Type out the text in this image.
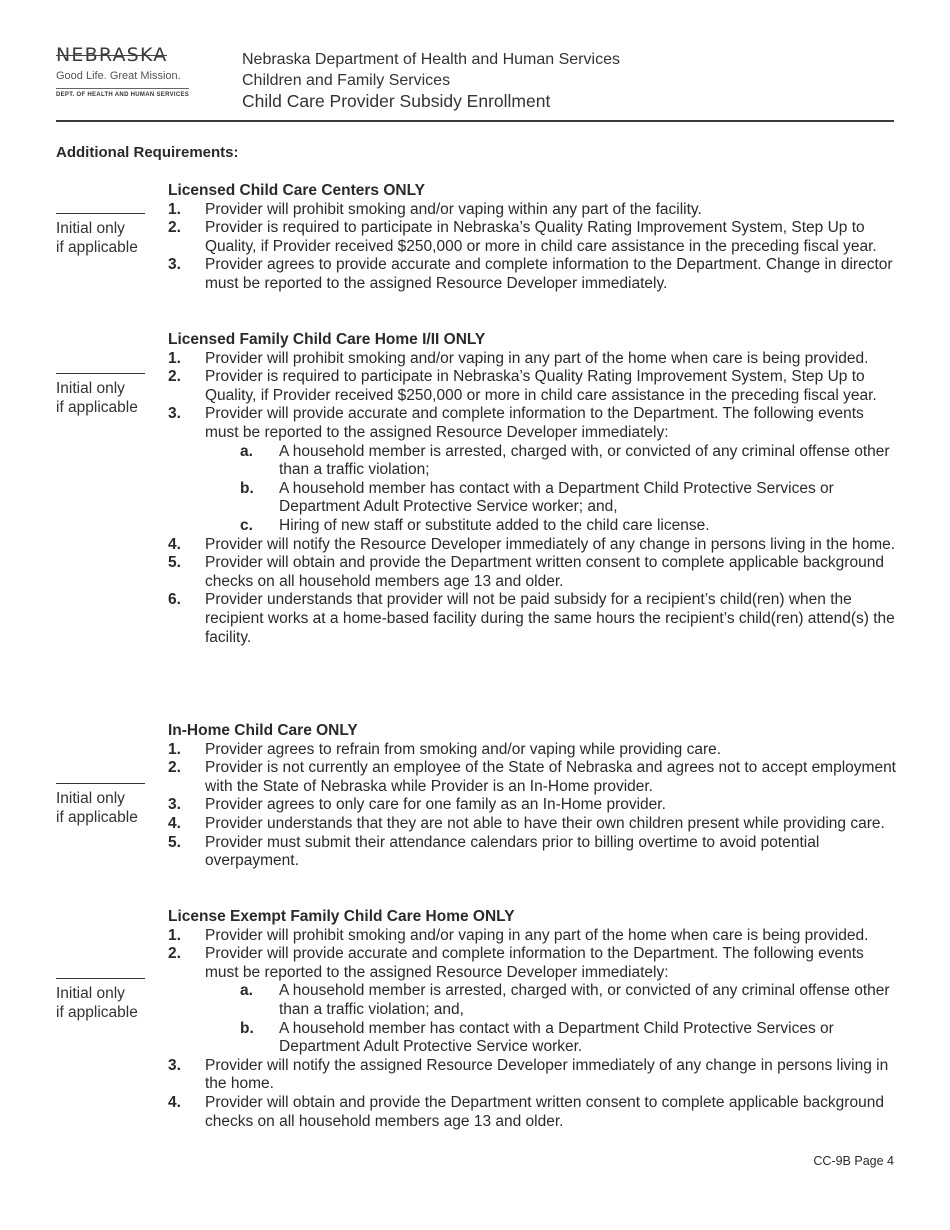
NEBRASKA
Good Life. Great Mission.
DEPT. OF HEALTH AND HUMAN SERVICES
Nebraska Department of Health and Human Services
Children and Family Services
Child Care Provider Subsidy Enrollment
Additional Requirements:
Initial only
if applicable
Initial only
if applicable
Initial only
if applicable
Initial only
if applicable
Licensed Child Care Centers ONLY
1. Provider will prohibit smoking and/or vaping within any part of the facility.
2. Provider is required to participate in Nebraska’s Quality Rating Improvement System, Step Up to Quality, if Provider received $250,000 or more in child care assistance in the preceding fiscal year.
3. Provider agrees to provide accurate and complete information to the Department. Change in director must be reported to the assigned Resource Developer immediately.
Licensed Family Child Care Home I/II ONLY
1. Provider will prohibit smoking and/or vaping in any part of the home when care is being provided.
2. Provider is required to participate in Nebraska’s Quality Rating Improvement System, Step Up to Quality, if Provider received $250,000 or more in child care assistance in the preceding fiscal year.
3. Provider will provide accurate and complete information to the Department. The following events must be reported to the assigned Resource Developer immediately:
a. A household member is arrested, charged with, or convicted of any criminal offense other than a traffic violation;
b. A household member has contact with a Department Child Protective Services or Department Adult Protective Service worker; and,
c. Hiring of new staff or substitute added to the child care license.
4. Provider will notify the Resource Developer immediately of any change in persons living in the home.
5. Provider will obtain and provide the Department written consent to complete applicable background checks on all household members age 13 and older.
6. Provider understands that provider will not be paid subsidy for a recipient’s child(ren) when the recipient works at a home-based facility during the same hours the recipient’s child(ren) attend(s) the facility.
In-Home Child Care ONLY
1. Provider agrees to refrain from smoking and/or vaping while providing care.
2. Provider is not currently an employee of the State of Nebraska and agrees not to accept employment with the State of Nebraska while Provider is an In-Home provider.
3. Provider agrees to only care for one family as an In-Home provider.
4. Provider understands that they are not able to have their own children present while providing care.
5. Provider must submit their attendance calendars prior to billing overtime to avoid potential overpayment.
License Exempt Family Child Care Home ONLY
1. Provider will prohibit smoking and/or vaping in any part of the home when care is being provided.
2. Provider will provide accurate and complete information to the Department. The following events must be reported to the assigned Resource Developer immediately:
a. A household member is arrested, charged with, or convicted of any criminal offense other than a traffic violation; and,
b. A household member has contact with a Department Child Protective Services or Department Adult Protective Service worker.
3. Provider will notify the assigned Resource Developer immediately of any change in persons living in the home.
4. Provider will obtain and provide the Department written consent to complete applicable background checks on all household members age 13 and older.
CC-9B Page 4
